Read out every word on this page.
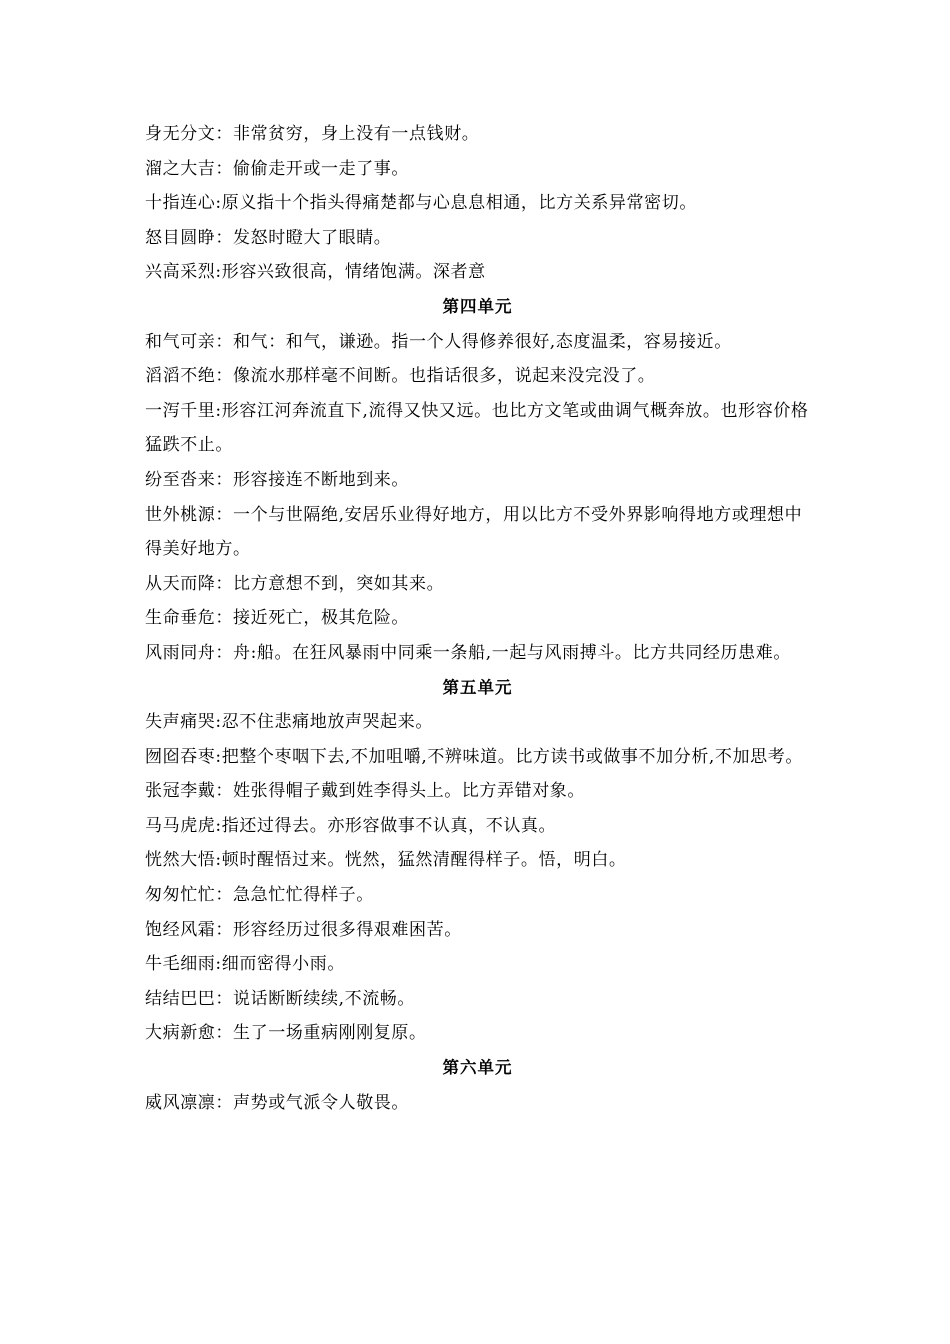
身无分文：非常贫穷，身上没有一点钱财。
溜之大吉：偷偷走开或一走了事。
十指连心:原义指十个指头得痛楚都与心息息相通，比方关系异常密切。
怒目圆睁：发怒时瞪大了眼睛。
兴高采烈:形容兴致很高，情绪饱满。深者意
第四单元
和气可亲：和气：和气，谦逊。指一个人得修养很好,态度温柔，容易接近。
滔滔不绝：像流水那样毫不间断。也指话很多，说起来没完没了。
一泻千里:形容江河奔流直下,流得又快又远。也比方文笔或曲调气概奔放。也形容价格猛跌不止。
纷至沓来：形容接连不断地到来。
世外桃源：一个与世隔绝,安居乐业得好地方，用以比方不受外界影响得地方或理想中得美好地方。
从天而降：比方意想不到，突如其来。
生命垂危：接近死亡，极其危险。
风雨同舟：舟:船。在狂风暴雨中同乘一条船,一起与风雨搏斗。比方共同经历患难。
第五单元
失声痛哭:忍不住悲痛地放声哭起来。
囫囵吞枣:把整个枣咽下去,不加咀嚼,不辨味道。比方读书或做事不加分析,不加思考。
张冠李戴：姓张得帽子戴到姓李得头上。比方弄错对象。
马马虎虎:指还过得去。亦形容做事不认真，不认真。
恍然大悟:顿时醒悟过来。恍然，猛然清醒得样子。悟，明白。
匆匆忙忙：急急忙忙得样子。
饱经风霜：形容经历过很多得艰难困苦。
牛毛细雨:细而密得小雨。
结结巴巴：说话断断续续,不流畅。
大病新愈：生了一场重病刚刚复原。
第六单元
威风凛凛：声势或气派令人敬畏。
